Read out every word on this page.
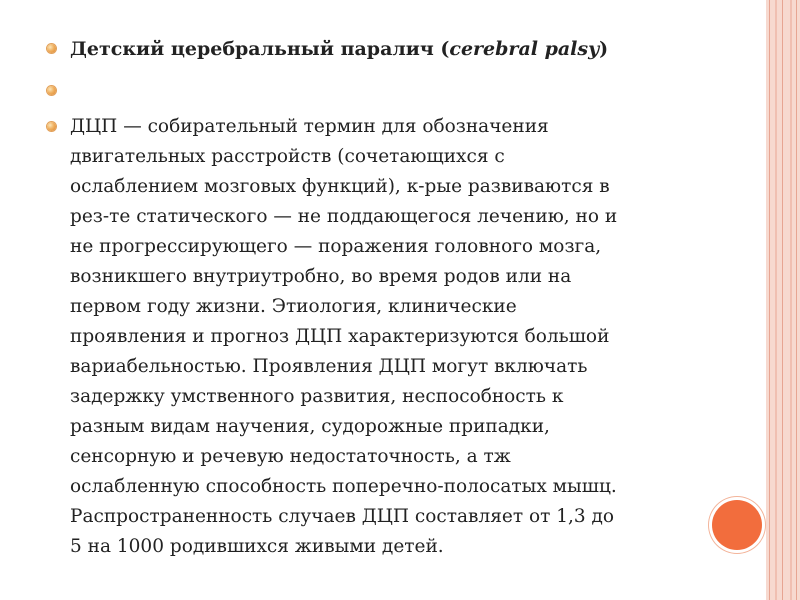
Детский церебральный паралич (cerebral palsy)
ДЦП — собирательный термин для обозначения
двигательных расстройств (сочетающихся с
ослаблением мозговых функций), к-рые развиваются в
рез-те статического — не поддающегося лечению, но и
не прогрессирующего — поражения головного мозга,
возникшего внутриутробно, во время родов или на
первом году жизни. Этиология, клинические
проявления и прогноз ДЦП характеризуются большой
вариабельностью. Проявления ДЦП могут включать
задержку умственного развития, неспособность к
разным видам научения, судорожные припадки,
сенсорную и речевую недостаточность, а тж
ослабленную способность поперечно-полосатых мышц.
Распространенность случаев ДЦП составляет от 1,3 до
5 на 1000 родившихся живыми детей.
